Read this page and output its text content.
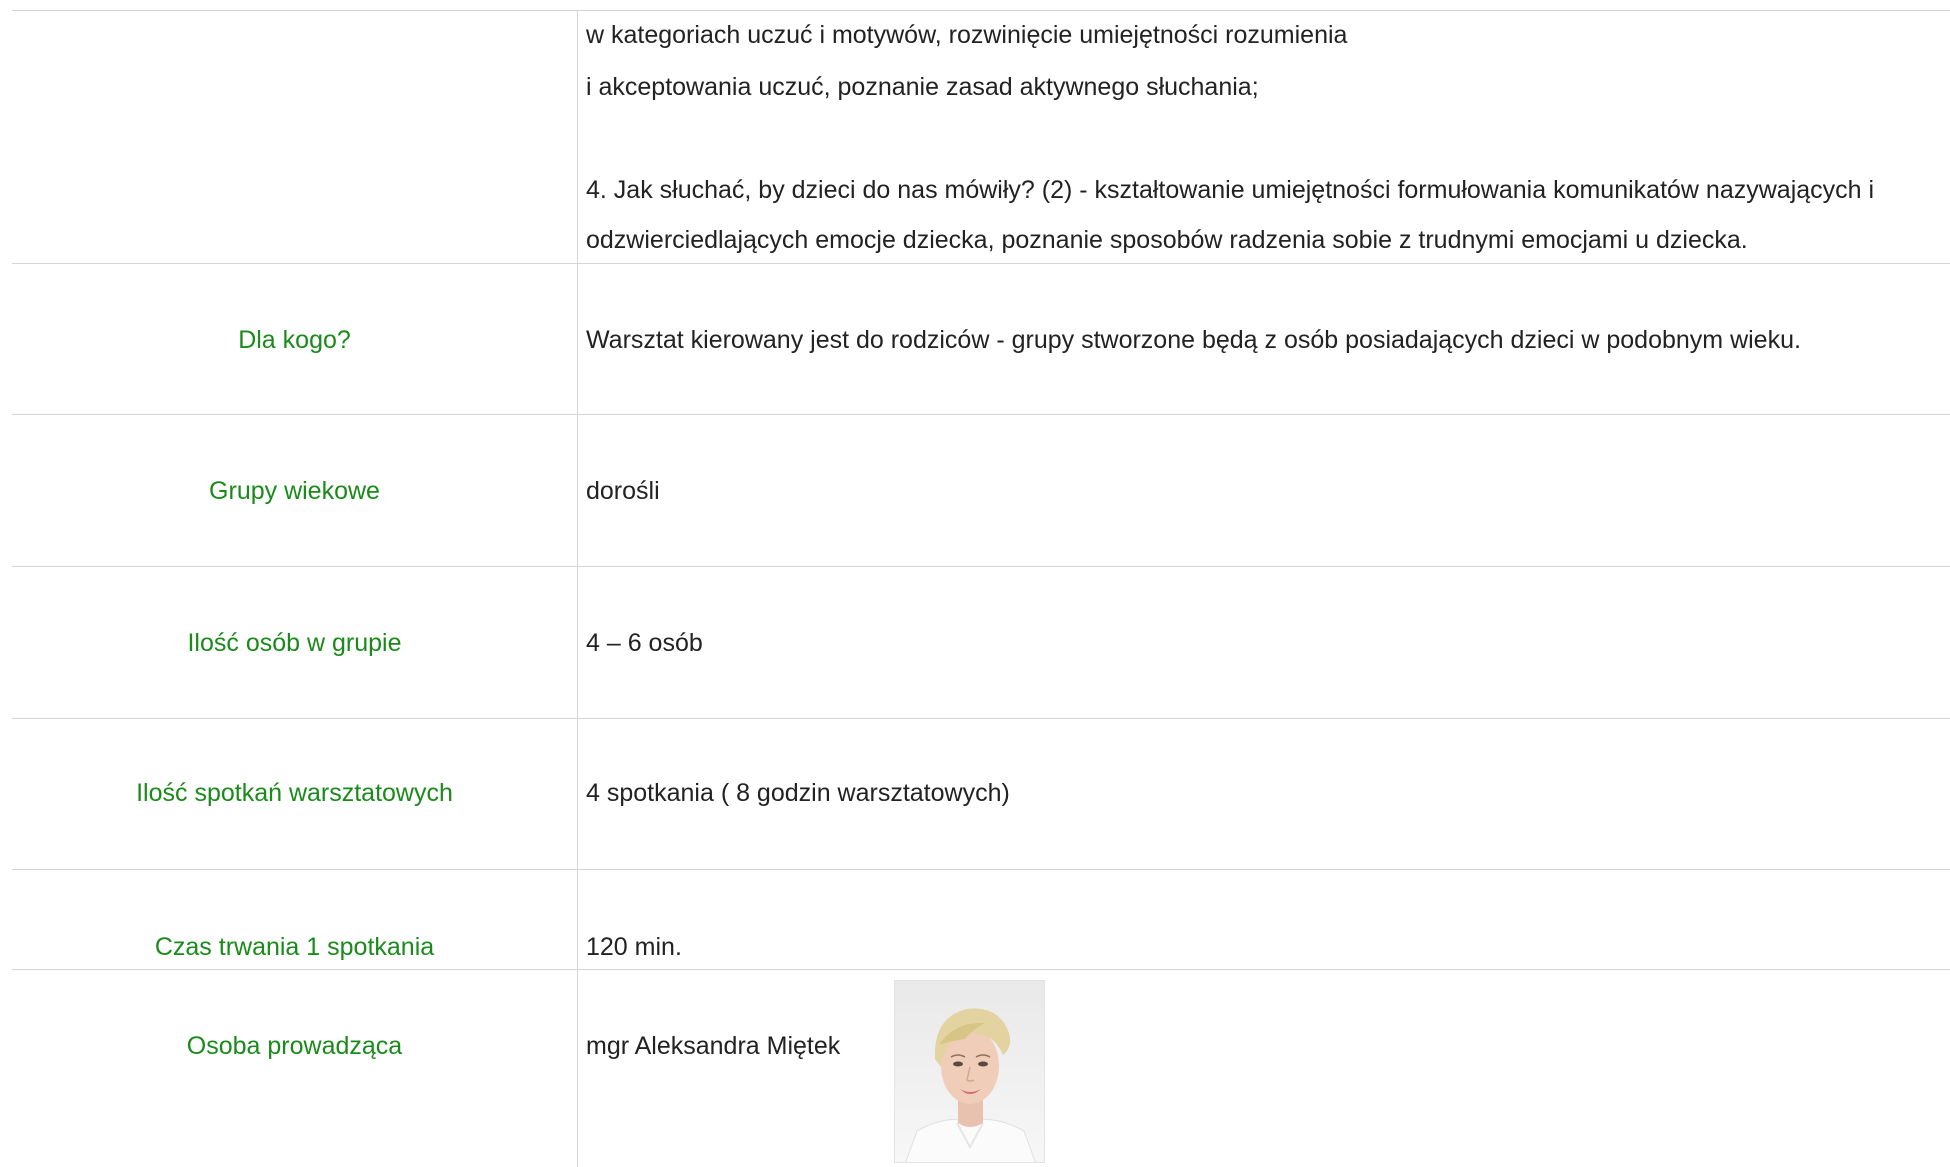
w kategoriach uczuć i motywów, rozwinięcie umiejętności rozumienia
i akceptowania uczuć, poznanie zasad aktywnego słuchania;
4. Jak słuchać, by dzieci do nas mówiły? (2) - kształtowanie umiejętności formułowania komunikatów nazywających i
odzwierciedlających emocje dziecka, poznanie sposobów radzenia sobie z trudnymi emocjami u dziecka.
Dla kogo?	Warsztat kierowany jest do rodziców - grupy stworzone będą z osób posiadających dzieci w podobnym wieku.
Grupy wiekowe	dorośli
Ilość osób w grupie	4 – 6 osób
Ilość spotkań warsztatowych	4 spotkania ( 8 godzin warsztatowych)
Czas trwania 1 spotkania	120 min.
Osoba prowadząca	mgr Aleksandra Miętek
